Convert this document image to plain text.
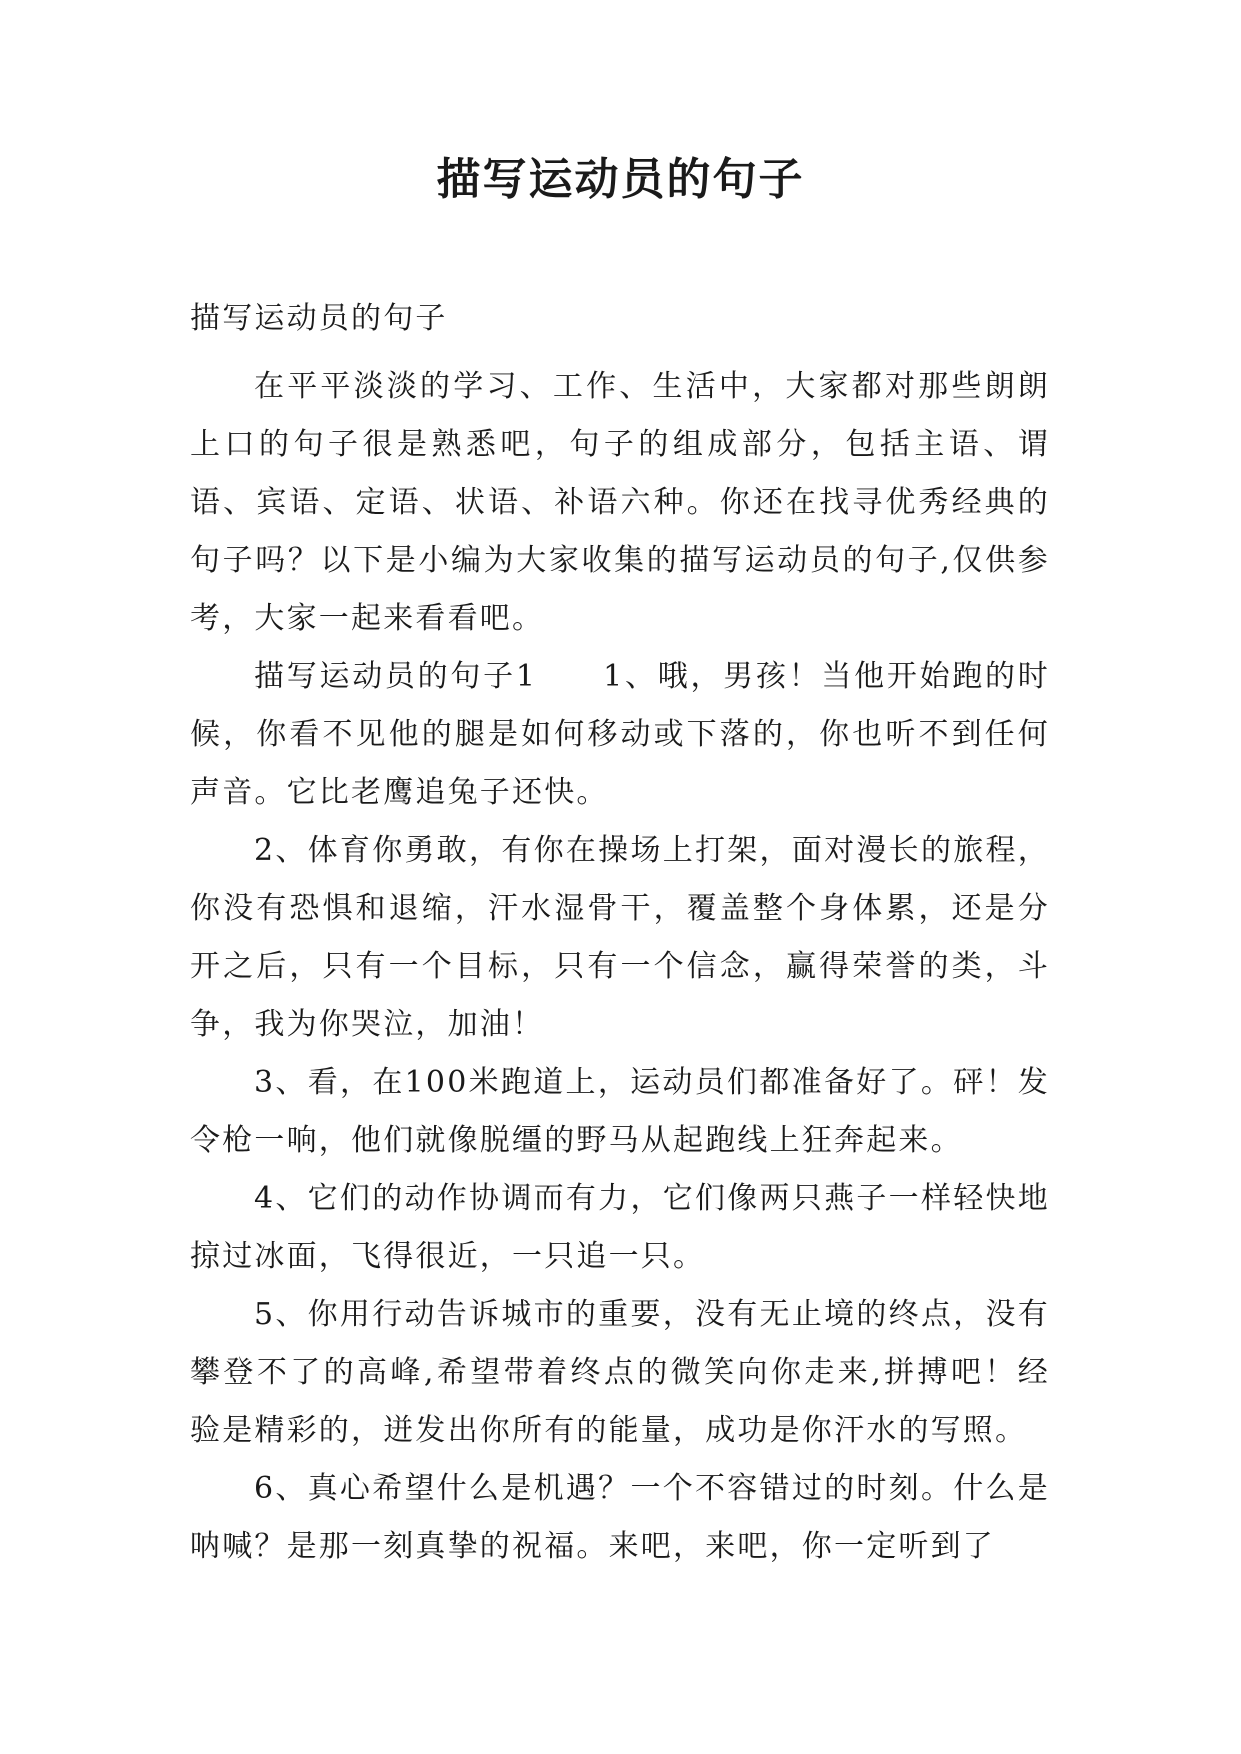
描写运动员的句子

描写运动员的句子

在平平淡淡的学习、工作、生活中，大家都对那些朗朗上口的句子很是熟悉吧，句子的组成部分，包括主语、谓语、宾语、定语、状语、补语六种。你还在找寻优秀经典的句子吗？以下是小编为大家收集的描写运动员的句子,仅供参考，大家一起来看看吧。

描写运动员的句子1　　1、哦，男孩！当他开始跑的时候，你看不见他的腿是如何移动或下落的，你也听不到任何声音。它比老鹰追兔子还快。

2、体育你勇敢，有你在操场上打架，面对漫长的旅程，你没有恐惧和退缩，汗水湿骨干，覆盖整个身体累，还是分开之后，只有一个目标，只有一个信念，赢得荣誉的类，斗争，我为你哭泣，加油！

3、看，在100米跑道上，运动员们都准备好了。砰！发令枪一响，他们就像脱缰的野马从起跑线上狂奔起来。

4、它们的动作协调而有力，它们像两只燕子一样轻快地掠过冰面，飞得很近，一只追一只。

5、你用行动告诉城市的重要，没有无止境的终点，没有攀登不了的高峰,希望带着终点的微笑向你走来,拼搏吧！经验是精彩的，迸发出你所有的能量，成功是你汗水的写照。

6、真心希望什么是机遇？一个不容错过的时刻。什么是呐喊？是那一刻真挚的祝福。来吧，来吧，你一定听到了
